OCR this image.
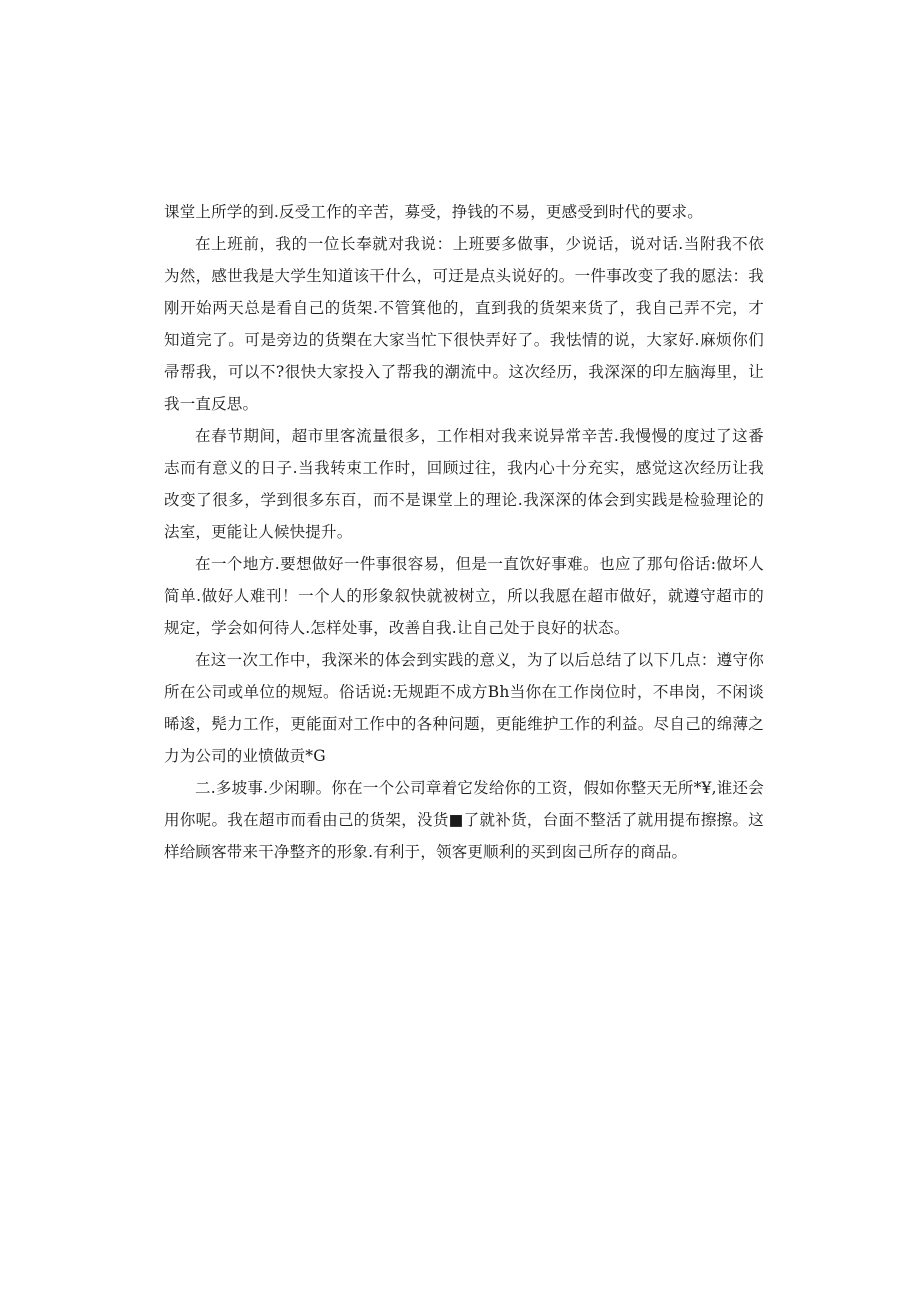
课堂上所学的到.反受工作的辛苦，募受，挣钱的不易，更感受到时代的要求。

在上班前，我的一位长奉就对我说：上班要多做事，少说话，说对话.当附我不依为然，感世我是大学生知道该干什么，可迂是点头说好的。一件事改变了我的愿法：我刚开始两天总是看自己的货架.不管箕他的，直到我的货架来货了，我自己弄不完，才知道完了。可是旁边的货槊在大家当忙下很快弄好了。我怯情的说，大家好.麻烦你们帚帮我，可以不?很快大家投入了帮我的潮流中。这次经历，我深深的印左脑海里，让我一直反思。

在春节期间，超市里客流量很多，工作相对我来说异常辛苦.我慢慢的度过了这番志而有意义的日子.当我转束工作时，回顾过往，我内心十分充实，感觉这次经历让我改变了很多，学到很多东百，而不是课堂上的理论.我深深的体会到实践是检验理论的法室，更能让人候快提升。

在一个地方.要想做好一件事很容易，但是一直饮好事难。也应了那句俗话:做坏人简单.做好人难刊！一个人的形象叙快就被树立，所以我愿在超市做好，就遵守超市的规定，学会如何待人.怎样处事，改善自我.让自己处于良好的状态。

在这一次工作中，我深米的体会到实践的意义，为了以后总结了以下几点：遵守你所在公司或单位的规短。俗话说:无规距不成方Bh当你在工作岗位时，不串岗，不闲谈晞逡，髡力工作，更能面对工作中的各种问题，更能维护工作的利益。尽自己的绵薄之力为公司的业愤做贡*G

二.多坡事.少闲聊。你在一个公司章着它发给你的工资，假如你整天无所*¥,谁还会用你呢。我在超市而看由己的货架，没货■了就补货，台面不整活了就用提布擦擦。这样给顾客带来干净整齐的形象.有利于，领客更顺利的买到囱己所存的商品。
